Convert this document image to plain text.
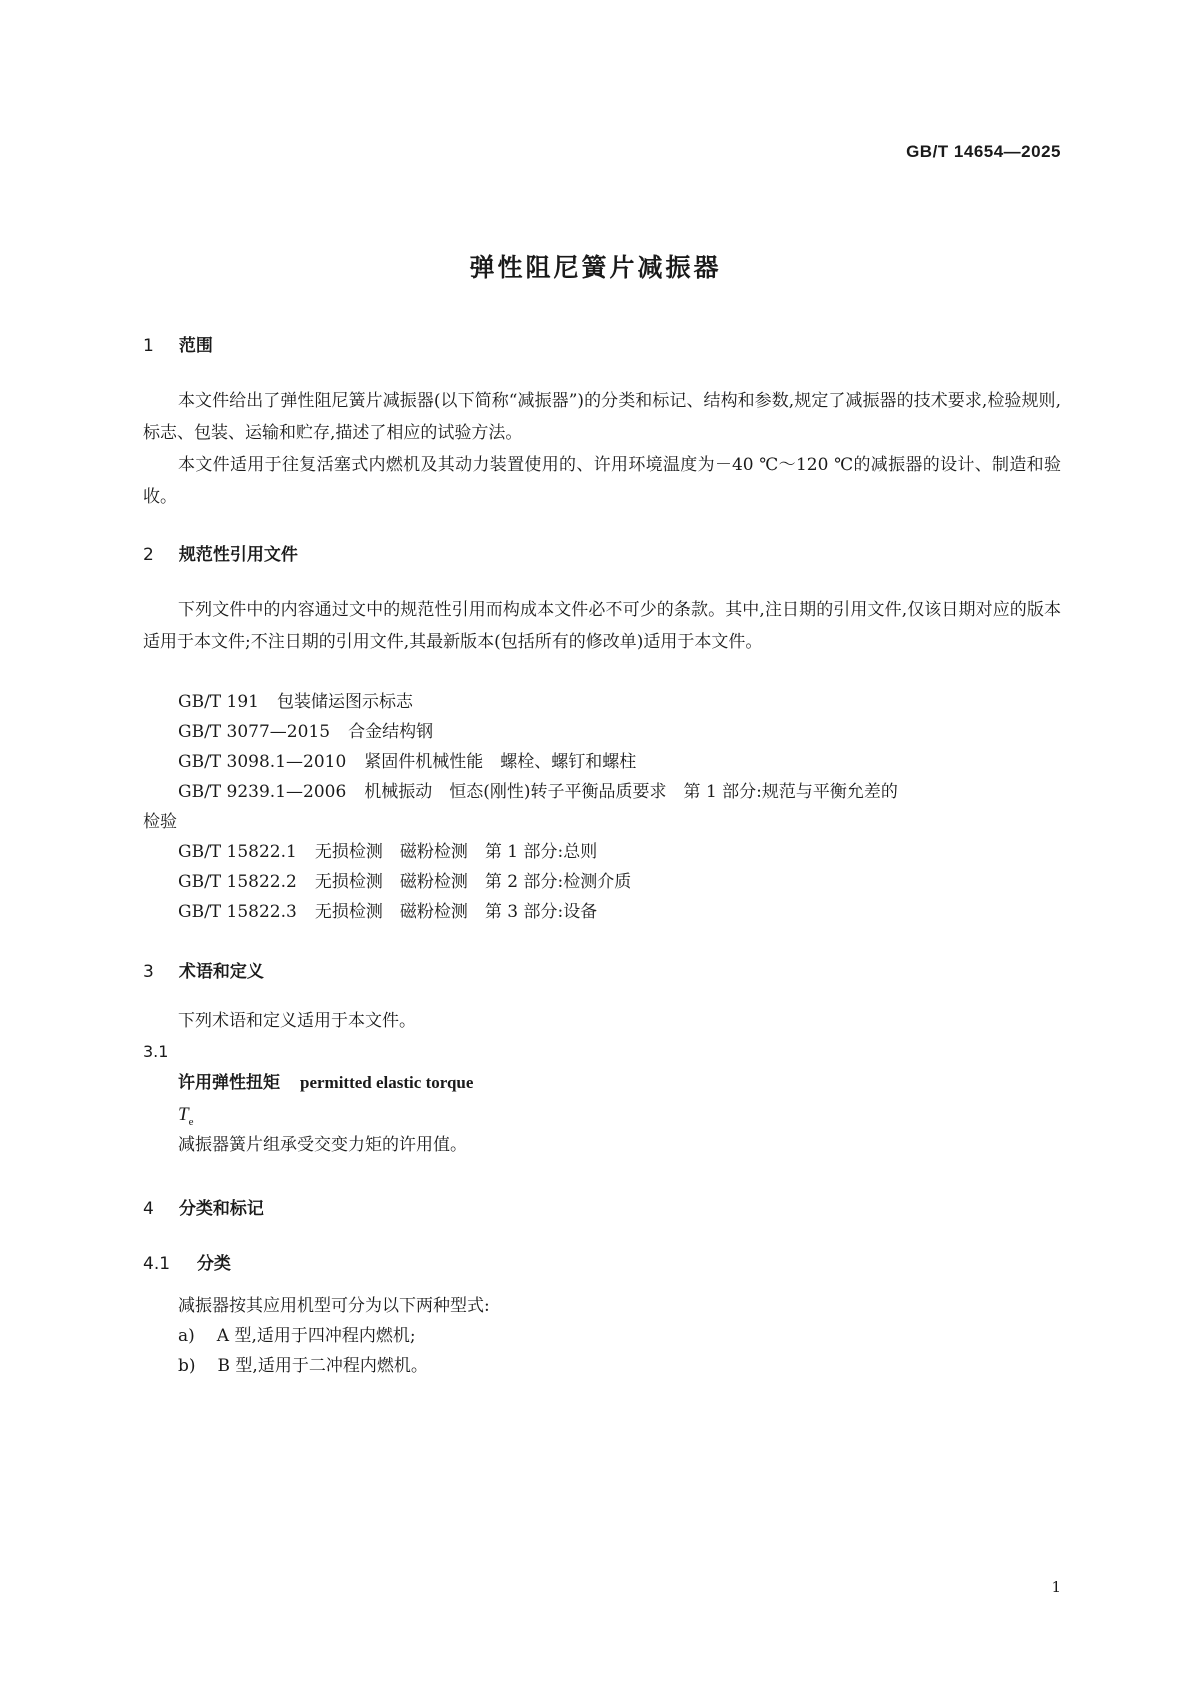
GB/T 14654—2025
弹性阻尼簧片减振器
1 范围
本文件给出了弹性阻尼簧片减振器(以下简称“减振器”)的分类和标记、结构和参数,规定了减振器的技术要求,检验规则,标志、包装、运输和贮存,描述了相应的试验方法。
本文件适用于往复活塞式内燃机及其动力装置使用的、许用环境温度为－40 ℃～120 ℃的减振器的设计、制造和验收。
2 规范性引用文件
下列文件中的内容通过文中的规范性引用而构成本文件必不可少的条款。其中,注日期的引用文件,仅该日期对应的版本适用于本文件;不注日期的引用文件,其最新版本(包括所有的修改单)适用于本文件。
GB/T 191 包装储运图示标志
GB/T 3077—2015 合金结构钢
GB/T 3098.1—2010 紧固件机械性能　螺栓、螺钉和螺柱
GB/T 9239.1—2006 机械振动　恒态(刚性)转子平衡品质要求　第 1 部分:规范与平衡允差的
检验
GB/T 15822.1 无损检测　磁粉检测　第 1 部分:总则
GB/T 15822.2 无损检测　磁粉检测　第 2 部分:检测介质
GB/T 15822.3 无损检测　磁粉检测　第 3 部分:设备
3 术语和定义
下列术语和定义适用于本文件。
3.1
许用弹性扭矩 permitted elastic torque
$T_e$
减振器簧片组承受交变力矩的许用值。
4 分类和标记
4.1 分类
减振器按其应用机型可分为以下两种型式:
a) A 型,适用于四冲程内燃机;
b) B 型,适用于二冲程内燃机。
1
